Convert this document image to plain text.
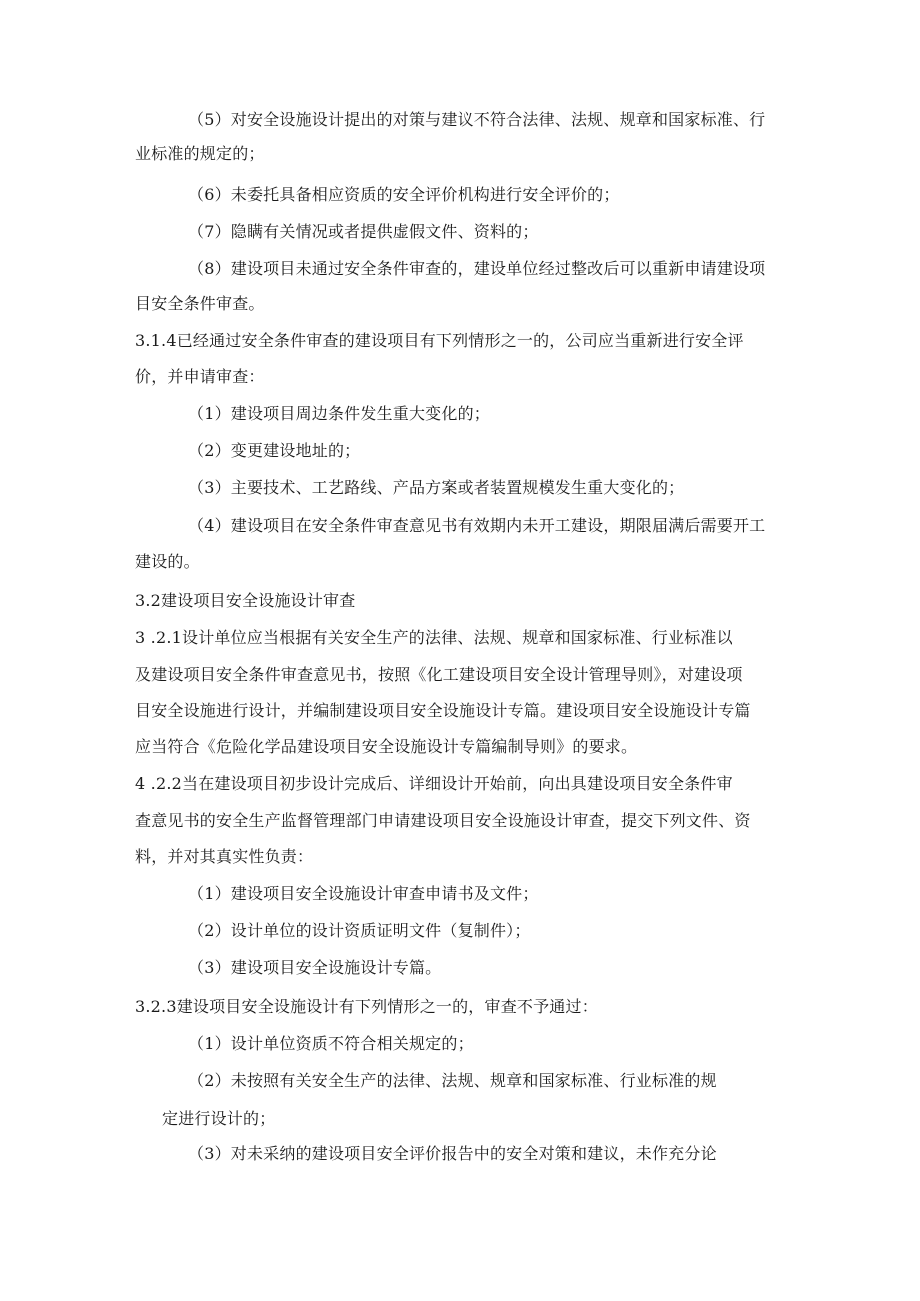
（5）对安全设施设计提出的对策与建议不符合法律、法规、规章和国家标准、行
业标准的规定的；
（6）未委托具备相应资质的安全评价机构进行安全评价的；
（7）隐瞒有关情况或者提供虚假文件、资料的；
（8）建设项目未通过安全条件审查的，建设单位经过整改后可以重新申请建设项
目安全条件审查。
3.1.4已经通过安全条件审查的建设项目有下列情形之一的，公司应当重新进行安全评
价，并申请审查：
（1）建设项目周边条件发生重大变化的；
（2）变更建设地址的；
（3）主要技术、工艺路线、产品方案或者装置规模发生重大变化的；
（4）建设项目在安全条件审查意见书有效期内未开工建设，期限届满后需要开工
建设的。
3.2建设项目安全设施设计审查
3 .2.1设计单位应当根据有关安全生产的法律、法规、规章和国家标准、行业标准以
及建设项目安全条件审查意见书，按照《化工建设项目安全设计管理导则》，对建设项
目安全设施进行设计，并编制建设项目安全设施设计专篇。建设项目安全设施设计专篇
应当符合《危险化学品建设项目安全设施设计专篇编制导则》的要求。
4 .2.2当在建设项目初步设计完成后、详细设计开始前，向出具建设项目安全条件审
查意见书的安全生产监督管理部门申请建设项目安全设施设计审查，提交下列文件、资
料，并对其真实性负责：
（1）建设项目安全设施设计审查申请书及文件；
（2）设计单位的设计资质证明文件（复制件）；
（3）建设项目安全设施设计专篇。
3.2.3建设项目安全设施设计有下列情形之一的，审查不予通过：
（1）设计单位资质不符合相关规定的；
（2）未按照有关安全生产的法律、法规、规章和国家标准、行业标准的规
定进行设计的；
（3）对未采纳的建设项目安全评价报告中的安全对策和建议，未作充分论
